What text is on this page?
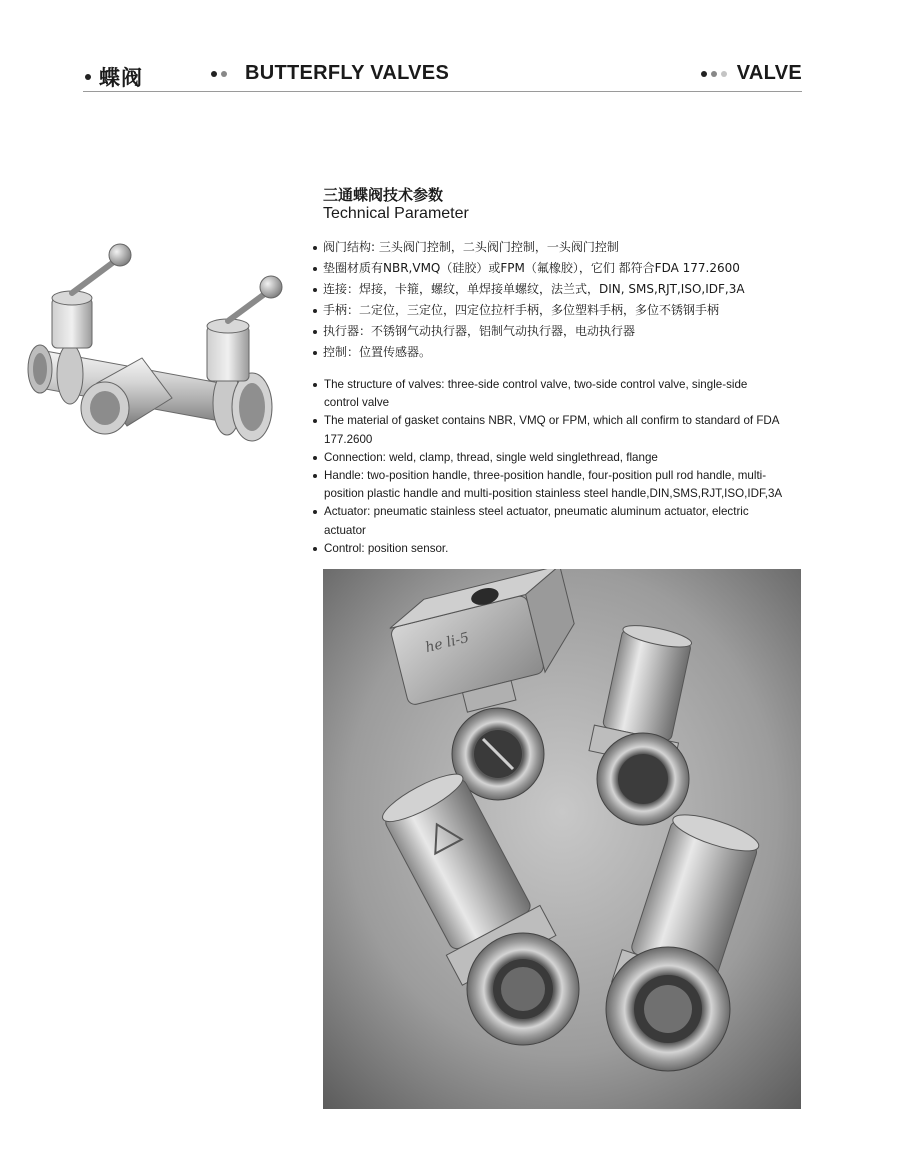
蝶阀	BUTTERFLY VALVES	VALVE
三通蝶阀技术参数
Technical Parameter
阀门结构: 三头阀门控制，二头阀门控制，一头阀门控制
垫圈材质有NBR,VMQ（硅胶）或FPM（氟橡胶），它们 都符合FDA 177.2600
连接：焊接，卡箍，螺纹，单焊接单螺纹，法兰式，DIN, SMS,RJT,ISO,IDF,3A
手柄：二定位，三定位，四定位拉杆手柄，多位塑料手柄，多位不锈钢手柄
执行器：不锈钢气动执行器，铝制气动执行器，电动执行器
控制：位置传感器。
The structure of valves: three-side control valve, two-side control valve, single-side control valve
The material of gasket contains NBR, VMQ or FPM, which all confirm to standard of FDA 177.2600
Connection: weld, clamp, thread, single weld singlethread, flange
Handle: two-position handle, three-position handle, four-position pull rod handle, multi-position plastic handle and multi-position stainless steel handle,DIN,SMS,RJT,ISO,IDF,3A
Actuator: pneumatic stainless steel actuator, pneumatic aluminum actuator, electric actuator
Control: position sensor.
he li-5
